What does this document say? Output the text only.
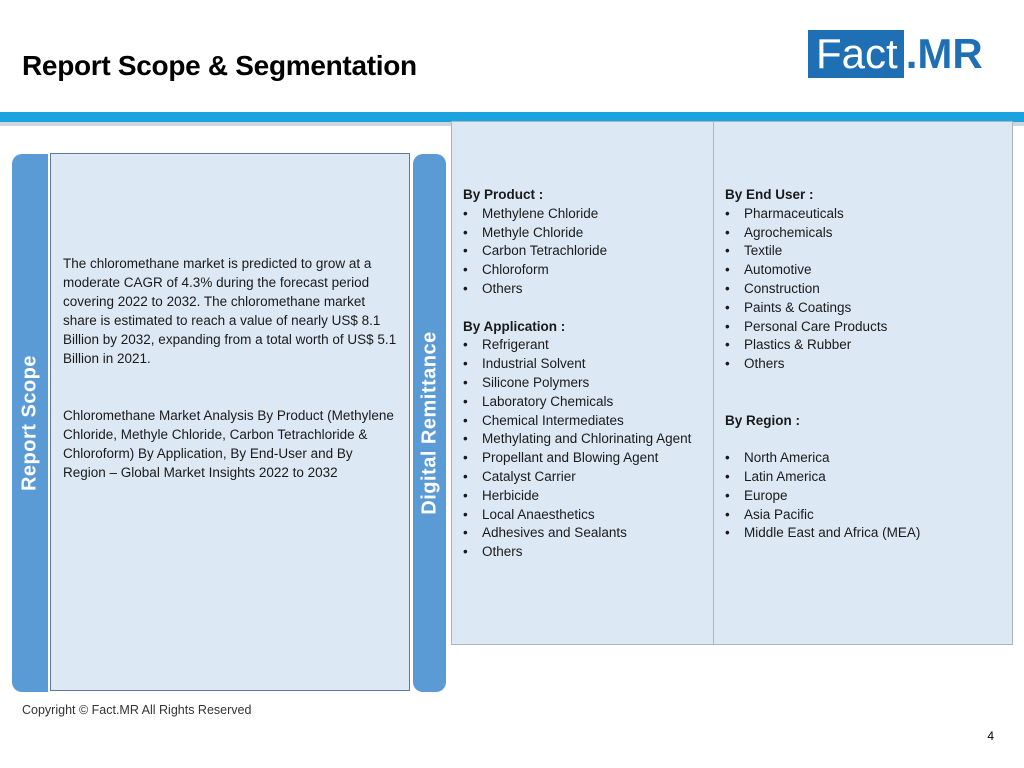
Report Scope & Segmentation	Fact .MR
Report Scope

The chloromethane market is predicted to grow at a moderate CAGR of 4.3% during the forecast period covering 2022 to 2032. The chloromethane market share is estimated to reach a value of nearly US$ 8.1 Billion by 2032, expanding from a total worth of US$ 5.1 Billion in 2021.

Chloromethane Market Analysis By Product (Methylene Chloride, Methyle Chloride, Carbon Tetrachloride & Chloroform) By Application, By End-User and By Region – Global Market Insights 2022 to 2032	Digital Remittance
By Product :
• Methylene Chloride
• Methyle Chloride
• Carbon Tetrachloride
• Chloroform
• Others
By Application :
• Refrigerant
• Industrial Solvent
• Silicone Polymers
• Laboratory Chemicals
• Chemical Intermediates
• Methylating and Chlorinating Agent
• Propellant and Blowing Agent
• Catalyst Carrier
• Herbicide
• Local Anaesthetics
• Adhesives and Sealants
• Others
By End User :
• Pharmaceuticals
• Agrochemicals
• Textile
• Automotive
• Construction
• Paints & Coatings
• Personal Care Products
• Plastics & Rubber
• Others
By Region :
• North America
• Latin America
• Europe
• Asia Pacific
• Middle East and Africa (MEA)
Copyright © Fact.MR All Rights Reserved
4
